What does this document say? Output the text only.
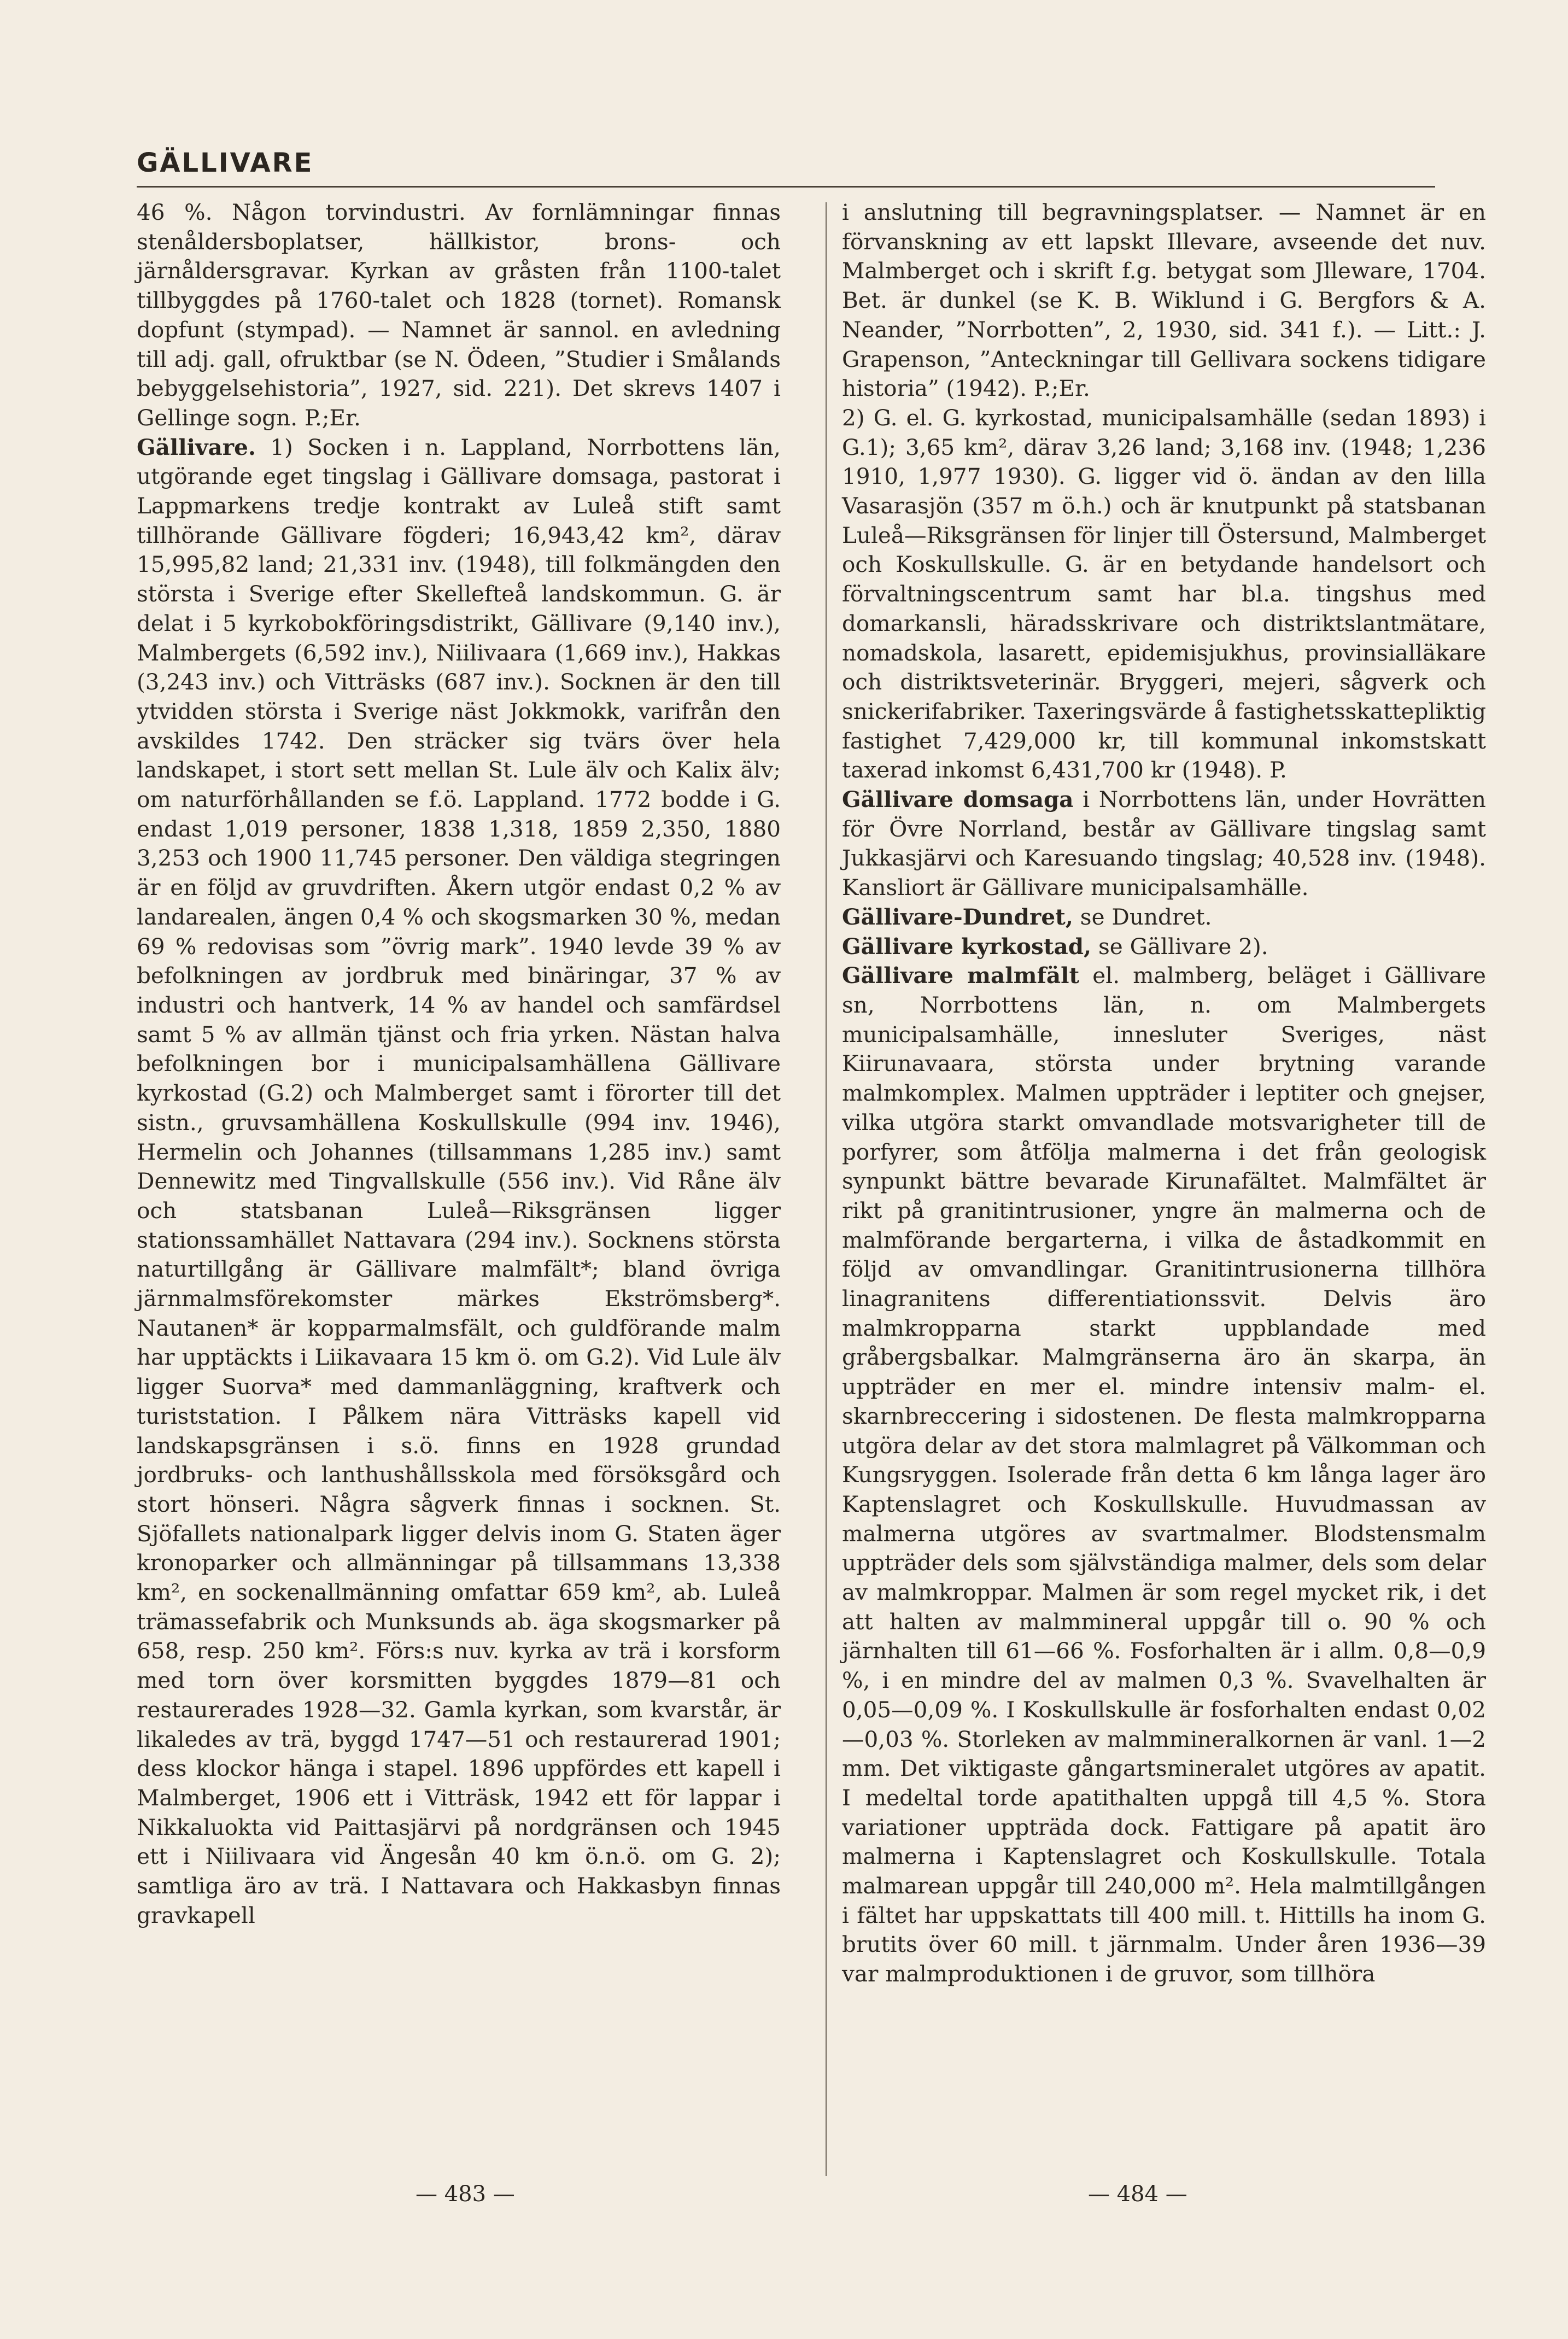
GÄLLIVARE

46 %. Någon torvindustri. Av fornlämningar finnas stenåldersboplatser, hällkistor, brons- och järnåldersgravar. Kyrkan av gråsten från 1100-talet tillbyggdes på 1760-talet och 1828 (tornet). Romansk dopfunt (stympad). — Namnet är sannol. en avledning till adj. gall, ofruktbar (se N. Ödeen, ”Studier i Smålands bebyggelsehistoria”, 1927, sid. 221). Det skrevs 1407 i Gellinge sogn. P.;Er.

Gällivare. 1) Socken i n. Lappland, Norrbottens län, utgörande eget tingslag i Gällivare domsaga, pastorat i Lappmarkens tredje kontrakt av Luleå stift samt tillhörande Gällivare fögderi; 16,943,42 km², därav 15,995,82 land; 21,331 inv. (1948), till folkmängden den största i Sverige efter Skellefteå landskommun. G. är delat i 5 kyrkobokföringsdistrikt, Gällivare (9,140 inv.), Malmbergets (6,592 inv.), Niilivaara (1,669 inv.), Hakkas (3,243 inv.) och Vitträsks (687 inv.). Socknen är den till ytvidden största i Sverige näst Jokkmokk, varifrån den avskildes 1742. Den sträcker sig tvärs över hela landskapet, i stort sett mellan St. Lule älv och Kalix älv; om naturförhållanden se f.ö. Lappland. 1772 bodde i G. endast 1,019 personer, 1838 1,318, 1859 2,350, 1880 3,253 och 1900 11,745 personer. Den väldiga stegringen är en följd av gruvdriften. Åkern utgör endast 0,2 % av landarealen, ängen 0,4 % och skogsmarken 30 %, medan 69 % redovisas som ”övrig mark”. 1940 levde 39 % av befolkningen av jordbruk med binäringar, 37 % av industri och hantverk, 14 % av handel och samfärdsel samt 5 % av allmän tjänst och fria yrken. Nästan halva befolkningen bor i municipalsamhällena Gällivare kyrkostad (G.2) och Malmberget samt i förorter till det sistn., gruvsamhällena Koskullskulle (994 inv. 1946), Hermelin och Johannes (tillsammans 1,285 inv.) samt Dennewitz med Tingvallskulle (556 inv.). Vid Råne älv och statsbanan Luleå—Riksgränsen ligger stationssamhället Nattavara (294 inv.). Socknens största naturtillgång är Gällivare malmfält*; bland övriga järnmalmsförekomster märkes Ekströmsberg*. Nautanen* är kopparmalmsfält, och guldförande malm har upptäckts i Liikavaara 15 km ö. om G.2). Vid Lule älv ligger Suorva* med dammanläggning, kraftverk och turiststation. I Pålkem nära Vitträsks kapell vid landskapsgränsen i s.ö. finns en 1928 grundad jordbruks- och lanthushållsskola med försöksgård och stort hönseri. Några sågverk finnas i socknen. St. Sjöfallets nationalpark ligger delvis inom G. Staten äger kronoparker och allmänningar på tillsammans 13,338 km², en sockenallmänning omfattar 659 km², ab. Luleå trämassefabrik och Munksunds ab. äga skogsmarker på 658, resp. 250 km². Förs:s nuv. kyrka av trä i korsform med torn över korsmitten byggdes 1879—81 och restaurerades 1928—32. Gamla kyrkan, som kvarstår, är likaledes av trä, byggd 1747—51 och restaurerad 1901; dess klockor hänga i stapel. 1896 uppfördes ett kapell i Malmberget, 1906 ett i Vitträsk, 1942 ett för lappar i Nikkaluokta vid Paittasjärvi på nordgränsen och 1945 ett i Niilivaara vid Ängesån 40 km ö.n.ö. om G. 2); samtliga äro av trä. I Nattavara och Hakkasbyn finnas gravkapell

i anslutning till begravningsplatser. — Namnet är en förvanskning av ett lapskt Illevare, avseende det nuv. Malmberget och i skrift f.g. betygat som Jlleware, 1704. Bet. är dunkel (se K. B. Wiklund i G. Bergfors & A. Neander, ”Norrbotten”, 2, 1930, sid. 341 f.). — Litt.: J. Grapenson, ”Anteckningar till Gellivara sockens tidigare historia” (1942). P.;Er.

2) G. el. G. kyrkostad, municipalsamhälle (sedan 1893) i G.1); 3,65 km², därav 3,26 land; 3,168 inv. (1948; 1,236 1910, 1,977 1930). G. ligger vid ö. ändan av den lilla Vasarasjön (357 m ö.h.) och är knutpunkt på statsbanan Luleå—Riksgränsen för linjer till Östersund, Malmberget och Koskullskulle. G. är en betydande handelsort och förvaltningscentrum samt har bl.a. tingshus med domarkansli, häradsskrivare och distriktslantmätare, nomadskola, lasarett, epidemisjukhus, provinsialläkare och distriktsveterinär. Bryggeri, mejeri, sågverk och snickerifabriker. Taxeringsvärde å fastighetsskattepliktig fastighet 7,429,000 kr, till kommunal inkomstskatt taxerad inkomst 6,431,700 kr (1948). P.

Gällivare domsaga i Norrbottens län, under Hovrätten för Övre Norrland, består av Gällivare tingslag samt Jukkasjärvi och Karesuando tingslag; 40,528 inv. (1948). Kansliort är Gällivare municipalsamhälle.

Gällivare-Dundret, se Dundret.

Gällivare kyrkostad, se Gällivare 2).

Gällivare malmfält el. malmberg, beläget i Gällivare sn, Norrbottens län, n. om Malmbergets municipalsamhälle, innesluter Sveriges, näst Kiirunavaara, största under brytning varande malmkomplex. Malmen uppträder i leptiter och gnejser, vilka utgöra starkt omvandlade motsvarigheter till de porfyrer, som åtfölja malmerna i det från geologisk synpunkt bättre bevarade Kirunafältet. Malmfältet är rikt på granitintrusioner, yngre än malmerna och de malmförande bergarterna, i vilka de åstadkommit en följd av omvandlingar. Granitintrusionerna tillhöra linagranitens differentiationssvit. Delvis äro malmkropparna starkt uppblandade med gråbergsbalkar. Malmgränserna äro än skarpa, än uppträder en mer el. mindre intensiv malm- el. skarnbreccering i sidostenen. De flesta malmkropparna utgöra delar av det stora malmlagret på Välkomman och Kungsryggen. Isolerade från detta 6 km långa lager äro Kaptenslagret och Koskullskulle. Huvudmassan av malmerna utgöres av svartmalmer. Blodstensmalm uppträder dels som självständiga malmer, dels som delar av malmkroppar. Malmen är som regel mycket rik, i det att halten av malmmineral uppgår till o. 90 % och järnhalten till 61—66 %. Fosforhalten är i allm. 0,8—0,9 %, i en mindre del av malmen 0,3 %. Svavelhalten är 0,05—0,09 %. I Koskullskulle är fosforhalten endast 0,02—0,03 %. Storleken av malmmineralkornen är vanl. 1—2 mm. Det viktigaste gångartsmineralet utgöres av apatit. I medeltal torde apatithalten uppgå till 4,5 %. Stora variationer uppträda dock. Fattigare på apatit äro malmerna i Kaptenslagret och Koskullskulle. Totala malmarean uppgår till 240,000 m². Hela malmtillgången i fältet har uppskattats till 400 mill. t. Hittills ha inom G. brutits över 60 mill. t järnmalm. Under åren 1936—39 var malmproduktionen i de gruvor, som tillhöra

— 483 —	— 484 —
